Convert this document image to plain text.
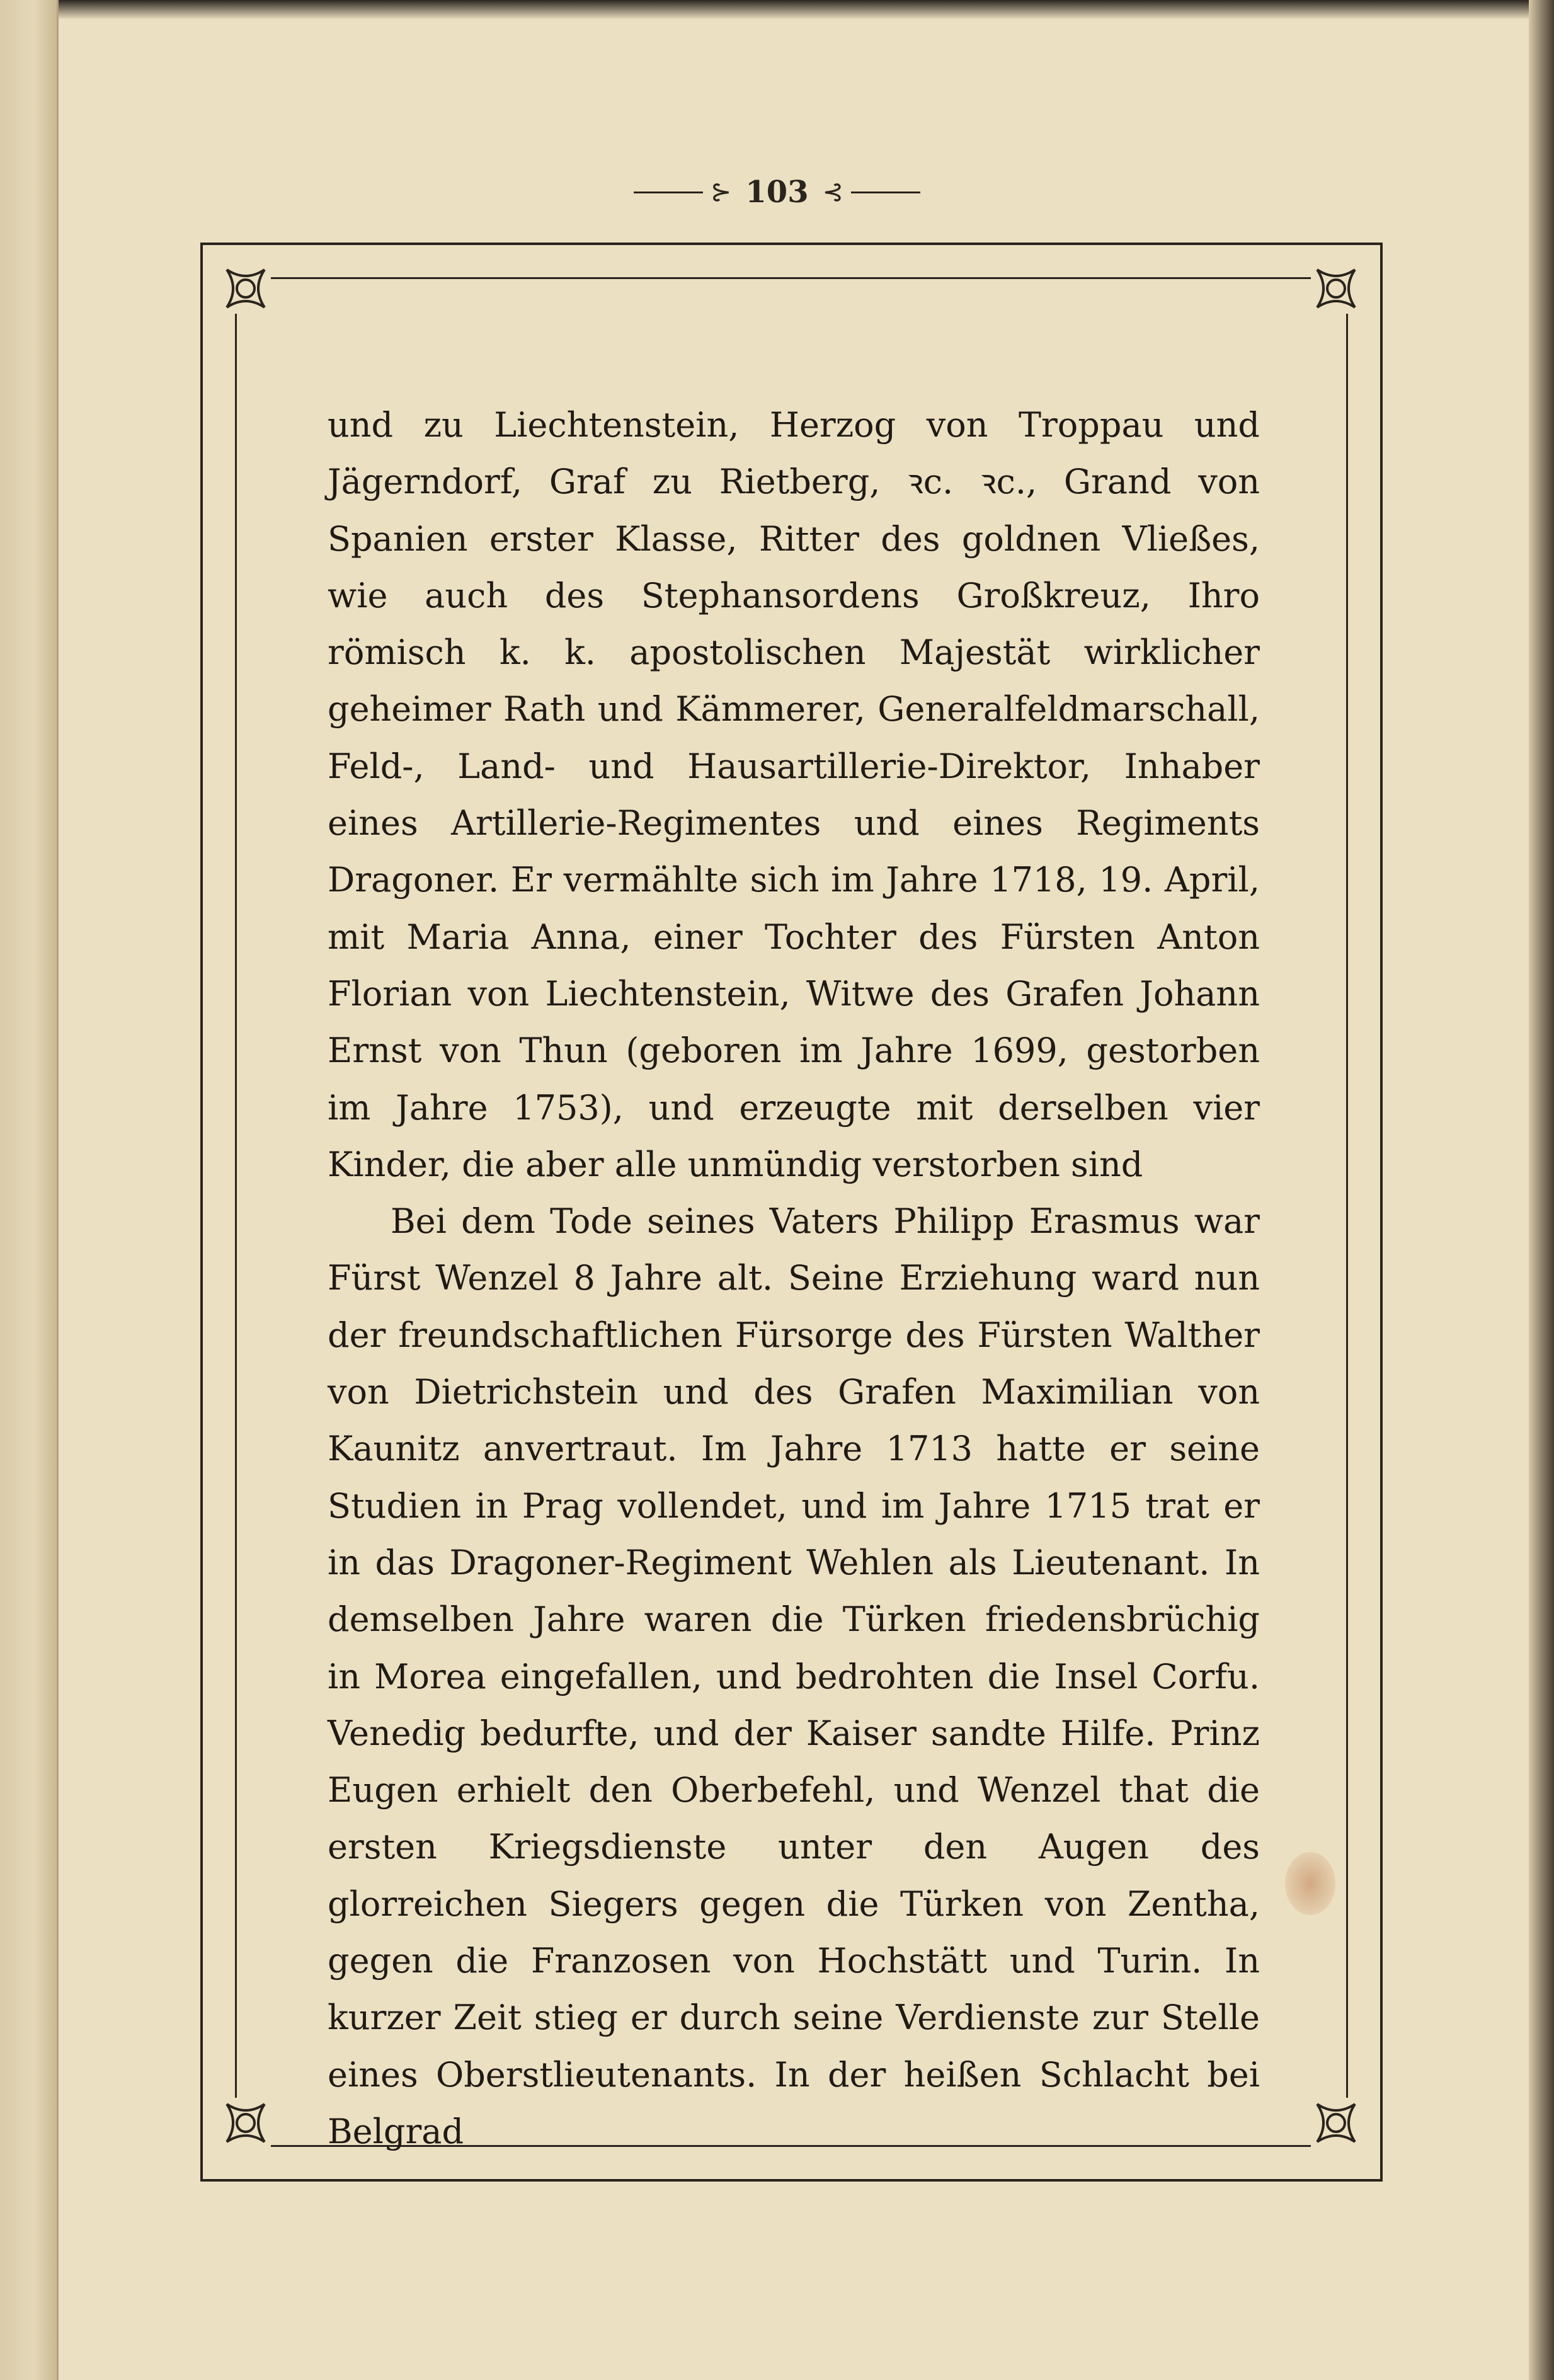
⊱ 103 ⊰

und zu Liechtenstein, Herzog von Troppau und Jägerndorf, Graf zu Rietberg, ꝛc. ꝛc., Grand von Spanien erster Klasse, Ritter des goldnen Vließes, wie auch des Stephansordens Großkreuz, Ihro römisch k. k. apostolischen Majestät wirklicher geheimer Rath und Kämmerer, Generalfeldmarschall, Feld-, Land- und Hausartillerie-Direktor, Inhaber eines Artillerie-Regimentes und eines Regiments Dragoner. Er vermählte sich im Jahre 1718, 19. April, mit Maria Anna, einer Tochter des Fürsten Anton Florian von Liechtenstein, Witwe des Grafen Johann Ernst von Thun (geboren im Jahre 1699, gestorben im Jahre 1753), und erzeugte mit derselben vier Kinder, die aber alle unmündig verstorben sind

Bei dem Tode seines Vaters Philipp Erasmus war Fürst Wenzel 8 Jahre alt. Seine Erziehung ward nun der freundschaftlichen Fürsorge des Fürsten Walther von Dietrichstein und des Grafen Maximilian von Kaunitz anvertraut. Im Jahre 1713 hatte er seine Studien in Prag vollendet, und im Jahre 1715 trat er in das Dragoner-Regiment Wehlen als Lieutenant. In demselben Jahre waren die Türken friedensbrüchig in Morea eingefallen, und bedrohten die Insel Corfu. Venedig bedurfte, und der Kaiser sandte Hilfe. Prinz Eugen erhielt den Oberbefehl, und Wenzel that die ersten Kriegsdienste unter den Augen des glorreichen Siegers gegen die Türken von Zentha, gegen die Franzosen von Hochstätt und Turin. In kurzer Zeit stieg er durch seine Verdienste zur Stelle eines Oberstlieutenants. In der heißen Schlacht bei Belgrad
